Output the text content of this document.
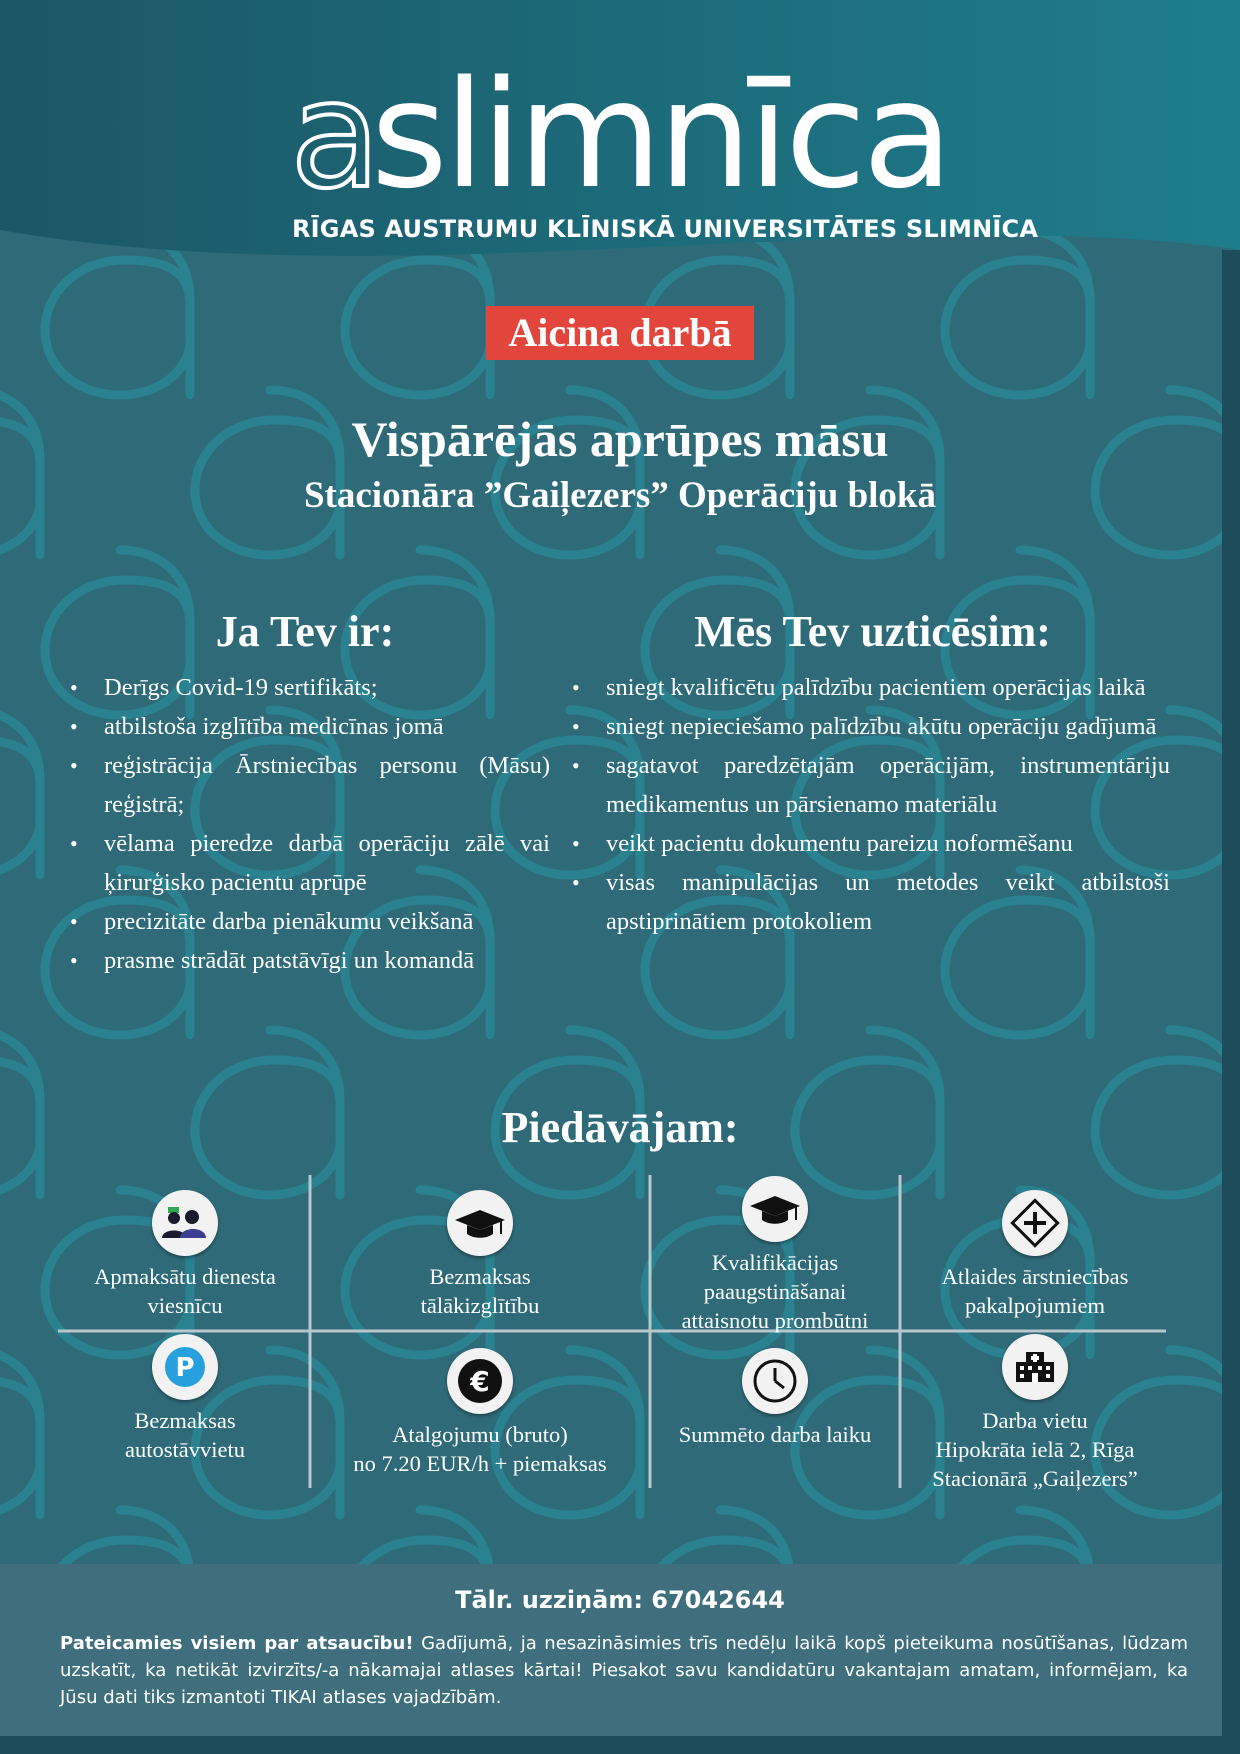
aslimnīca
RĪGAS AUSTRUMU KLĪNISKĀ UNIVERSITĀTES SLIMNĪCA
Aicina darbā
Vispārējās aprūpes māsu
Stacionāra ”Gaiļezers” Operāciju blokā
Ja Tev ir:	Mēs Tev uzticēsim:
• Derīgs Covid-19 sertifikāts;
• atbilstoša izglītība medicīnas jomā
• reģistrācija Ārstniecības personu (Māsu) reģistrā;
• vēlama pieredze darbā operāciju zālē vai ķirurģisko pacientu aprūpē
• precizitāte darba pienākumu veikšanā
• prasme strādāt patstāvīgi un komandā
• sniegt kvalificētu palīdzību pacientiem operācijas laikā
• sniegt nepieciešamo palīdzību akūtu operāciju gadījumā
• sagatavot paredzētajām operācijām, instrumentāriju medikamentus un pārsienamo materiālu
• veikt pacientu dokumentu pareizu noformēšanu
• visas manipulācijas un metodes veikt atbilstoši apstiprinātiem protokoliem
Piedāvājam:
Apmaksātu dienesta
viesnīcu
Bezmaksas
tālākizglītību
Kvalifikācijas
paaugstināšanai
attaisnotu prombūtni
Atlaides ārstniecības
pakalpojumiem
P
Bezmaksas
autostāvvietu
€
Atalgojumu (bruto)
no 7.20 EUR/h + piemaksas
Summēto darba laiku
Darba vietu
Hipokrāta ielā 2, Rīga
Stacionārā „Gaiļezers”
Tālr. uzziņām: 67042644
Pateicamies visiem par atsaucību! Gadījumā, ja nesazināsimies trīs nedēļu laikā kopš pieteikuma nosūtīšanas, lūdzam uzskatīt, ka netikāt izvirzīts/-a nākamajai atlases kārtai! Piesakot savu kandidatūru vakantajam amatam, informējam, ka Jūsu dati tiks izmantoti TIKAI atlases vajadzībām.
